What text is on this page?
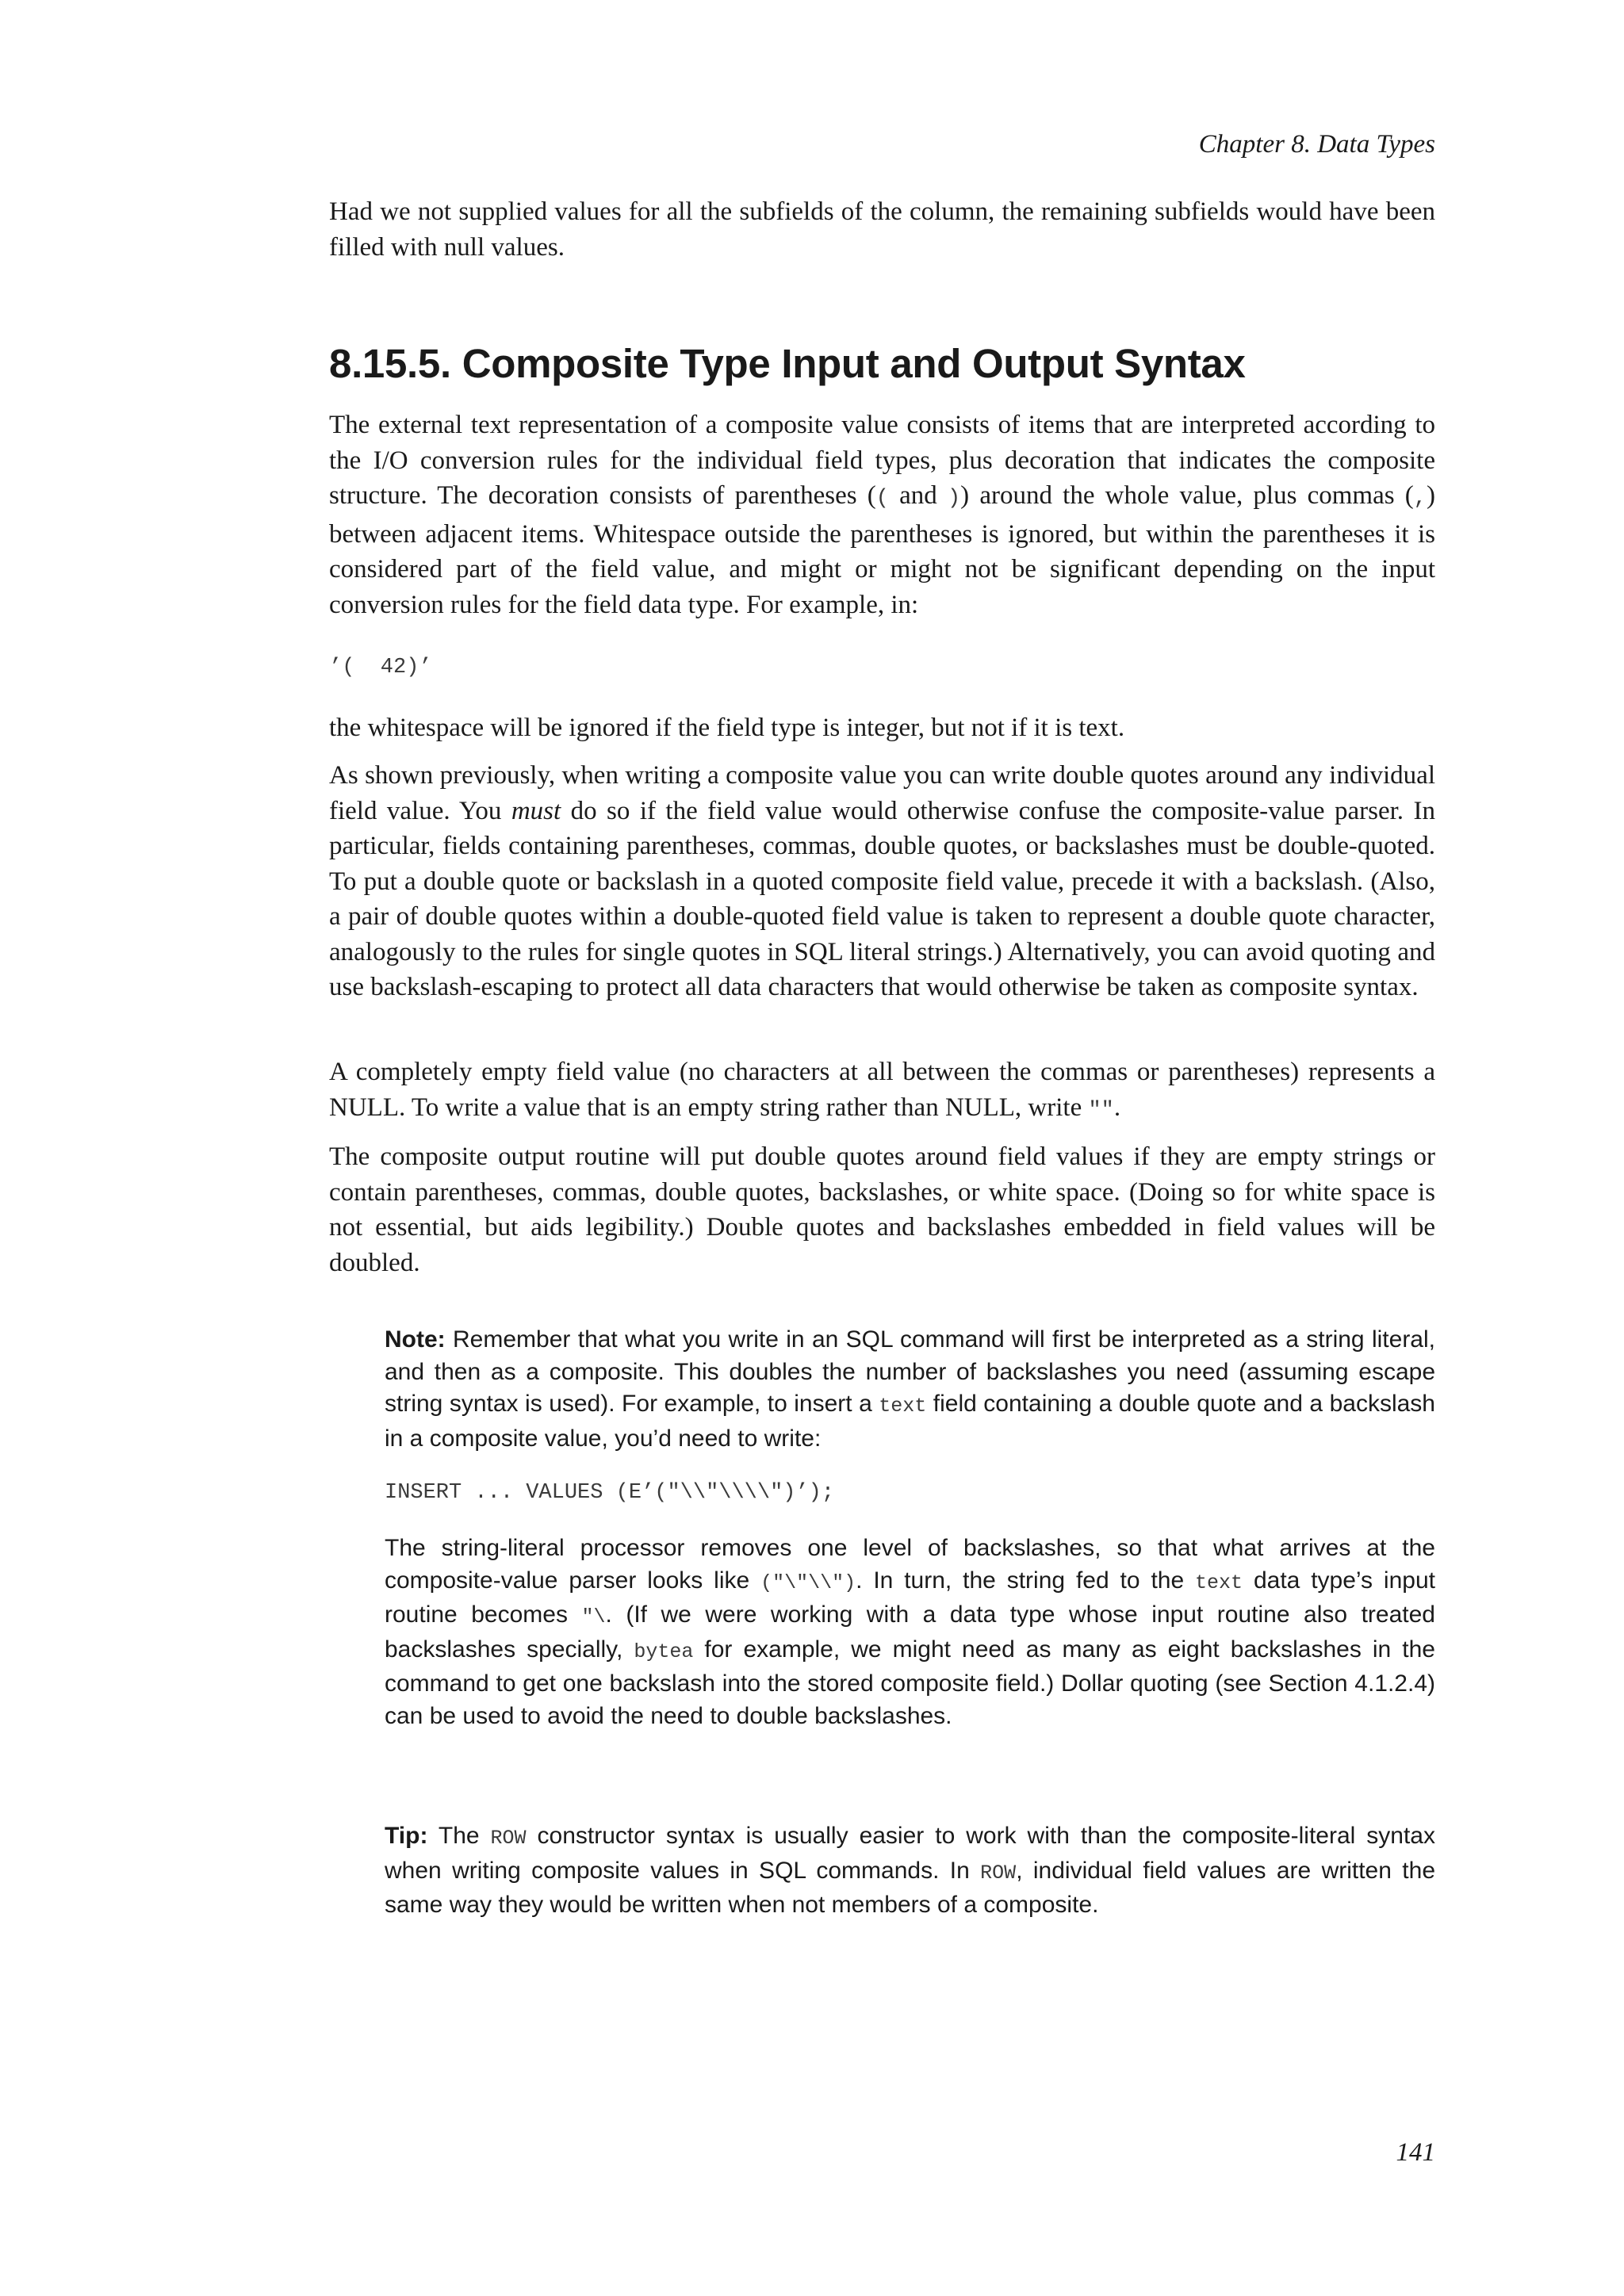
Chapter 8. Data Types

Had we not supplied values for all the subfields of the column, the remaining subfields would have been filled with null values.

8.15.5. Composite Type Input and Output Syntax

The external text representation of a composite value consists of items that are interpreted according to the I/O conversion rules for the individual field types, plus decoration that indicates the composite structure. The decoration consists of parentheses (( and )) around the whole value, plus commas (,) between adjacent items. Whitespace outside the parentheses is ignored, but within the parentheses it is considered part of the field value, and might or might not be significant depending on the input conversion rules for the field data type. For example, in:

’(  42)’

the whitespace will be ignored if the field type is integer, but not if it is text.

As shown previously, when writing a composite value you can write double quotes around any individual field value. You must do so if the field value would otherwise confuse the composite-value parser. In particular, fields containing parentheses, commas, double quotes, or backslashes must be double-quoted. To put a double quote or backslash in a quoted composite field value, precede it with a backslash. (Also, a pair of double quotes within a double-quoted field value is taken to represent a double quote character, analogously to the rules for single quotes in SQL literal strings.) Alternatively, you can avoid quoting and use backslash-escaping to protect all data characters that would otherwise be taken as composite syntax.

A completely empty field value (no characters at all between the commas or parentheses) represents a NULL. To write a value that is an empty string rather than NULL, write "".

The composite output routine will put double quotes around field values if they are empty strings or contain parentheses, commas, double quotes, backslashes, or white space. (Doing so for white space is not essential, but aids legibility.) Double quotes and backslashes embedded in field values will be doubled.

Note: Remember that what you write in an SQL command will first be interpreted as a string literal, and then as a composite. This doubles the number of backslashes you need (assuming escape string syntax is used). For example, to insert a text field containing a double quote and a backslash in a composite value, you’d need to write:

INSERT ... VALUES (E’("\\"\\\\")’);

The string-literal processor removes one level of backslashes, so that what arrives at the composite-value parser looks like ("\"\\"). In turn, the string fed to the text data type’s input routine becomes "\. (If we were working with a data type whose input routine also treated backslashes specially, bytea for example, we might need as many as eight backslashes in the command to get one backslash into the stored composite field.) Dollar quoting (see Section 4.1.2.4) can be used to avoid the need to double backslashes.

Tip: The ROW constructor syntax is usually easier to work with than the composite-literal syntax when writing composite values in SQL commands. In ROW, individual field values are written the same way they would be written when not members of a composite.

141
